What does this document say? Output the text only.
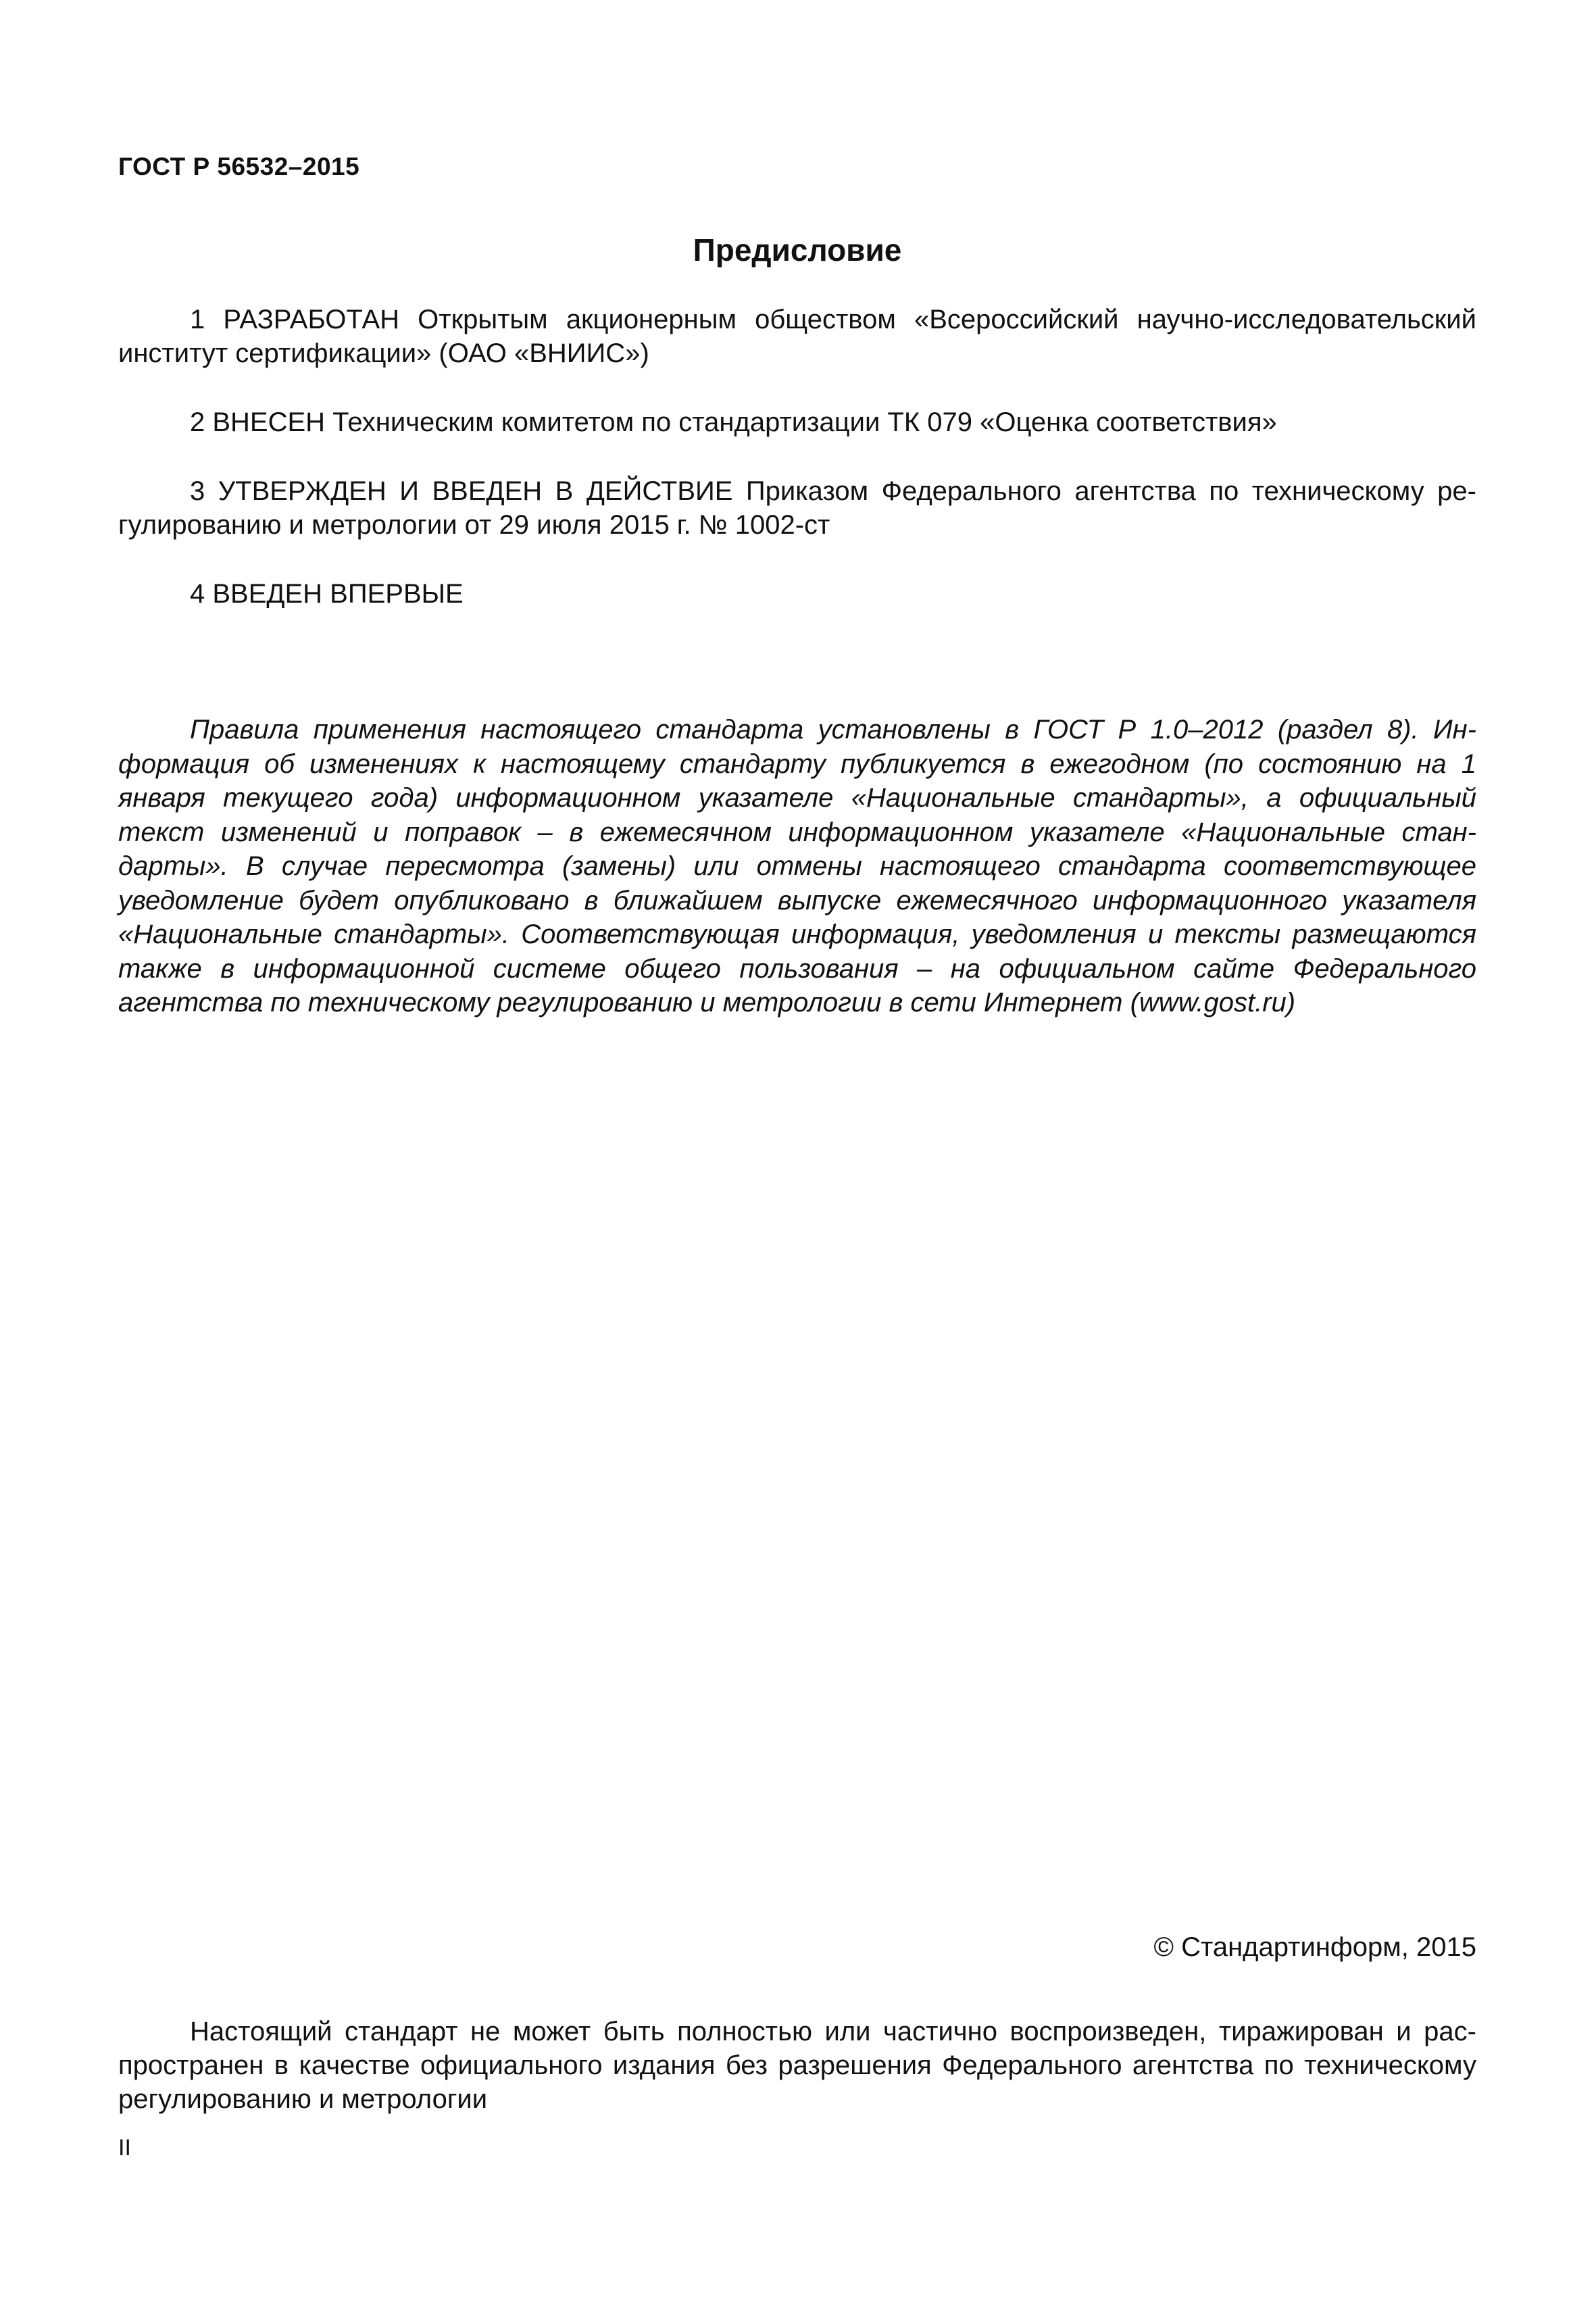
ГОСТ Р 56532–2015
Предисловие

1 РАЗРАБОТАН Открытым акционерным обществом «Всероссийский научно-исследовательский институт сертификации» (ОАО «ВНИИС»)

2 ВНЕСЕН Техническим комитетом по стандартизации ТК 079 «Оценка соответствия»

3 УТВЕРЖДЕН И ВВЕДЕН В ДЕЙСТВИЕ Приказом Федерального агентства по техническому регулированию и метрологии от 29 июля 2015 г. № 1002-ст

4 ВВЕДЕН ВПЕРВЫЕ

Правила применения настоящего стандарта установлены в ГОСТ Р 1.0–2012 (раздел 8). Информация об изменениях к настоящему стандарту публикуется в ежегодном (по состоянию на 1 января текущего года) информационном указателе «Национальные стандарты», а официальный текст изменений и поправок – в ежемесячном информационном указателе «Национальные стандарты». В случае пересмотра (замены) или отмены настоящего стандарта соответствующее уведомление будет опубликовано в ближайшем выпуске ежемесячного информационного указателя «Национальные стандарты». Соответствующая информация, уведомления и тексты размещаются также в информационной системе общего пользования – на официальном сайте Федерального агентства по техническому регулированию и метрологии в сети Интернет (www.gost.ru)

© Стандартинформ, 2015

Настоящий стандарт не может быть полностью или частично воспроизведен, тиражирован и распространен в качестве официального издания без разрешения Федерального агентства по техническому регулированию и метрологии

II
